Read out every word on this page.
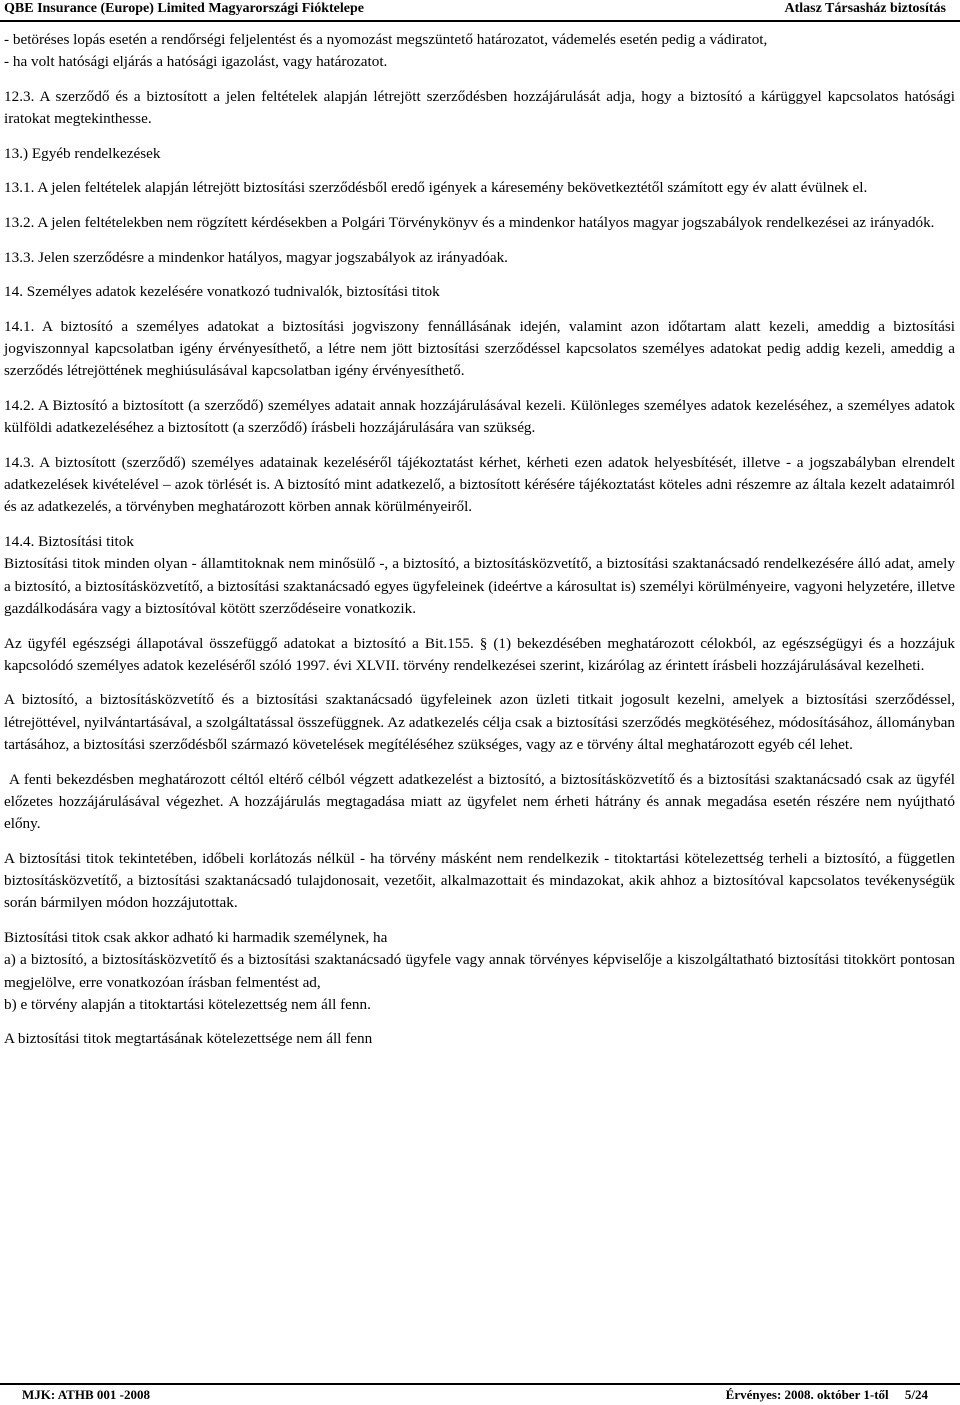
QBE Insurance (Europe) Limited Magyarországi Fióktelepe	Atlasz Társasház biztosítás

- betöréses lopás esetén a rendőrségi feljelentést és a nyomozást megszüntető határozatot, vádemelés esetén pedig a vádiratot,

- ha volt hatósági eljárás a hatósági igazolást, vagy határozatot.

12.3. A szerződő és a biztosított a jelen feltételek alapján létrejött szerződésben hozzájárulását adja, hogy a biztosító a kárüggyel kapcsolatos hatósági iratokat megtekinthesse.

13.) Egyéb rendelkezések

13.1. A jelen feltételek alapján létrejött biztosítási szerződésből eredő igények a káresemény bekövetkeztétől számított egy év alatt évülnek el.

13.2. A jelen feltételekben nem rögzített kérdésekben a Polgári Törvénykönyv és a mindenkor hatályos magyar jogszabályok rendelkezései az irányadók.

13.3. Jelen szerződésre a mindenkor hatályos, magyar jogszabályok az irányadóak.

14. Személyes adatok kezelésére vonatkozó tudnivalók, biztosítási titok

14.1. A biztosító a személyes adatokat a biztosítási jogviszony fennállásának idején, valamint azon időtartam alatt kezeli, ameddig a biztosítási jogviszonnyal kapcsolatban igény érvényesíthető, a létre nem jött biztosítási szerződéssel kapcsolatos személyes adatokat pedig addig kezeli, ameddig a szerződés létrejöttének meghiúsulásával kapcsolatban igény érvényesíthető.

14.2. A Biztosító a biztosított (a szerződő) személyes adatait annak hozzájárulásával kezeli. Különleges személyes adatok kezeléséhez, a személyes adatok külföldi adatkezeléséhez a biztosított (a szerződő) írásbeli hozzájárulására van szükség.

14.3. A biztosított (szerződő) személyes adatainak kezeléséről tájékoztatást kérhet, kérheti ezen adatok helyesbítését, illetve - a jogszabályban elrendelt adatkezelések kivételével – azok törlését is. A biztosító mint adatkezelő, a biztosított kérésére tájékoztatást köteles adni részemre az általa kezelt adataimról és az adatkezelés, a törvényben meghatározott körben annak körülményeiről.

14.4. Biztosítási titok

Biztosítási titok minden olyan - államtitoknak nem minősülő -, a biztosító, a biztosításközvetítő, a biztosítási szaktanácsadó rendelkezésére álló adat, amely a biztosító, a biztosításközvetítő, a biztosítási szaktanácsadó egyes ügyfeleinek (ideértve a károsultat is) személyi körülményeire, vagyoni helyzetére, illetve gazdálkodására vagy a biztosítóval kötött szerződéseire vonatkozik.

Az ügyfél egészségi állapotával összefüggő adatokat a biztosító a Bit.155. § (1) bekezdésében meghatározott célokból, az egészségügyi és a hozzájuk kapcsolódó személyes adatok kezeléséről szóló 1997. évi XLVII. törvény rendelkezései szerint, kizárólag az érintett írásbeli hozzájárulásával kezelheti.

A biztosító, a biztosításközvetítő és a biztosítási szaktanácsadó ügyfeleinek azon üzleti titkait jogosult kezelni, amelyek a biztosítási szerződéssel, létrejöttével, nyilvántartásával, a szolgáltatással összefüggnek. Az adatkezelés célja csak a biztosítási szerződés megkötéséhez, módosításához, állományban tartásához, a biztosítási szerződésből származó követelések megítéléséhez szükséges, vagy az e törvény által meghatározott egyéb cél lehet.

A fenti bekezdésben meghatározott céltól eltérő célból végzett adatkezelést a biztosító, a biztosításközvetítő és a biztosítási szaktanácsadó csak az ügyfél előzetes hozzájárulásával végezhet. A hozzájárulás megtagadása miatt az ügyfelet nem érheti hátrány és annak megadása esetén részére nem nyújtható előny.

A biztosítási titok tekintetében, időbeli korlátozás nélkül - ha törvény másként nem rendelkezik - titoktartási kötelezettség terheli a biztosító, a független biztosításközvetítő, a biztosítási szaktanácsadó tulajdonosait, vezetőit, alkalmazottait és mindazokat, akik ahhoz a biztosítóval kapcsolatos tevékenységük során bármilyen módon hozzájutottak.

Biztosítási titok csak akkor adható ki harmadik személynek, ha

a) a biztosító, a biztosításközvetítő és a biztosítási szaktanácsadó ügyfele vagy annak törvényes képviselője a kiszolgáltatható biztosítási titokkört pontosan megjelölve, erre vonatkozóan írásban felmentést ad,

b) e törvény alapján a titoktartási kötelezettség nem áll fenn.

A biztosítási titok megtartásának kötelezettsége nem áll fenn

MJK: ATHB 001 -2008	Érvényes: 2008. október 1-től     5/24
